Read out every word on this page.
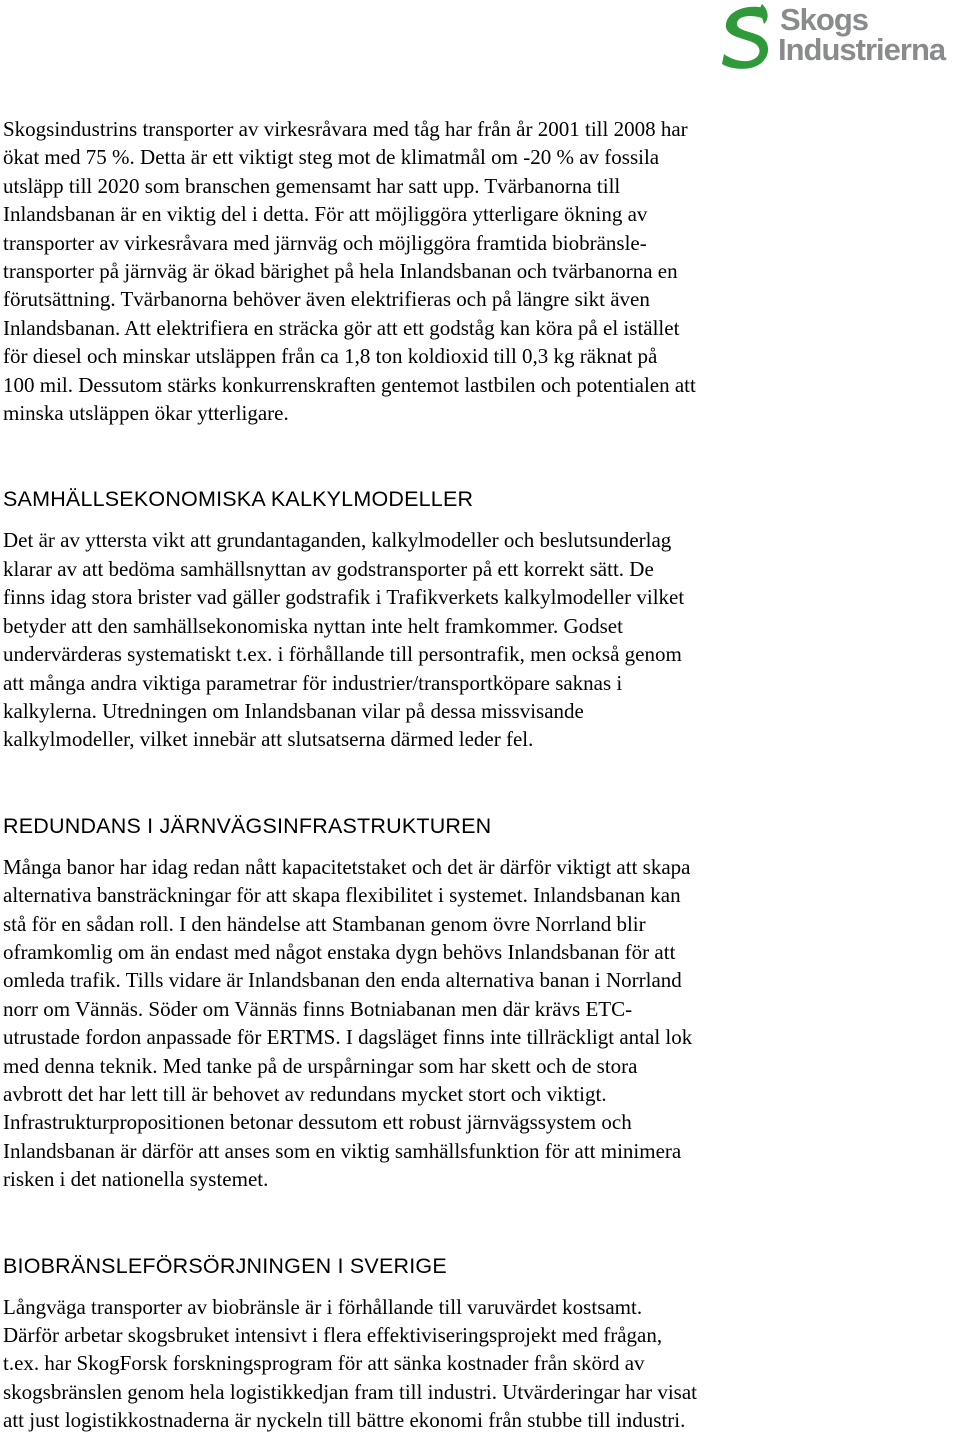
Skogs
Industrierna

Skogsindustrins transporter av virkesråvara med tåg har från år 2001 till 2008 har
ökat med 75 %. Detta är ett viktigt steg mot de klimatmål om -20 % av fossila
utsläpp till 2020 som branschen gemensamt har satt upp. Tvärbanorna till
Inlandsbanan är en viktig del i detta. För att möjliggöra ytterligare ökning av
transporter av virkesråvara med järnväg och möjliggöra framtida biobränsle-
transporter på järnväg är ökad bärighet på hela Inlandsbanan och tvärbanorna en
förutsättning. Tvärbanorna behöver även elektrifieras och på längre sikt även
Inlandsbanan. Att elektrifiera en sträcka gör att ett godståg kan köra på el istället
för diesel och minskar utsläppen från ca 1,8 ton koldioxid till 0,3 kg räknat på
100 mil. Dessutom stärks konkurrenskraften gentemot lastbilen och potentialen att
minska utsläppen ökar ytterligare.

SAMHÄLLSEKONOMISKA KALKYLMODELLER

Det är av yttersta vikt att grundantaganden, kalkylmodeller och beslutsunderlag
klarar av att bedöma samhällsnyttan av godstransporter på ett korrekt sätt. De
finns idag stora brister vad gäller godstrafik i Trafikverkets kalkylmodeller vilket
betyder att den samhällsekonomiska nyttan inte helt framkommer. Godset
undervärderas systematiskt t.ex. i förhållande till persontrafik, men också genom
att många andra viktiga parametrar för industrier/transportköpare saknas i
kalkylerna. Utredningen om Inlandsbanan vilar på dessa missvisande
kalkylmodeller, vilket innebär att slutsatserna därmed leder fel.

REDUNDANS I JÄRNVÄGSINFRASTRUKTUREN

Många banor har idag redan nått kapacitetstaket och det är därför viktigt att skapa
alternativa bansträckningar för att skapa flexibilitet i systemet. Inlandsbanan kan
stå för en sådan roll. I den händelse att Stambanan genom övre Norrland blir
oframkomlig om än endast med något enstaka dygn behövs Inlandsbanan för att
omleda trafik. Tills vidare är Inlandsbanan den enda alternativa banan i Norrland
norr om Vännäs. Söder om Vännäs finns Botniabanan men där krävs ETC-
utrustade fordon anpassade för ERTMS. I dagsläget finns inte tillräckligt antal lok
med denna teknik. Med tanke på de urspårningar som har skett och de stora
avbrott det har lett till är behovet av redundans mycket stort och viktigt.
Infrastrukturpropositionen betonar dessutom ett robust järnvägssystem och
Inlandsbanan är därför att anses som en viktig samhällsfunktion för att minimera
risken i det nationella systemet.

BIOBRÄNSLEFÖRSÖRJNINGEN I SVERIGE

Långväga transporter av biobränsle är i förhållande till varuvärdet kostsamt.
Därför arbetar skogsbruket intensivt i flera effektiviseringsprojekt med frågan,
t.ex. har SkogForsk forskningsprogram för att sänka kostnader från skörd av
skogsbränslen genom hela logistikkedjan fram till industri. Utvärderingar har visat
att just logistikkostnaderna är nyckeln till bättre ekonomi från stubbe till industri.
